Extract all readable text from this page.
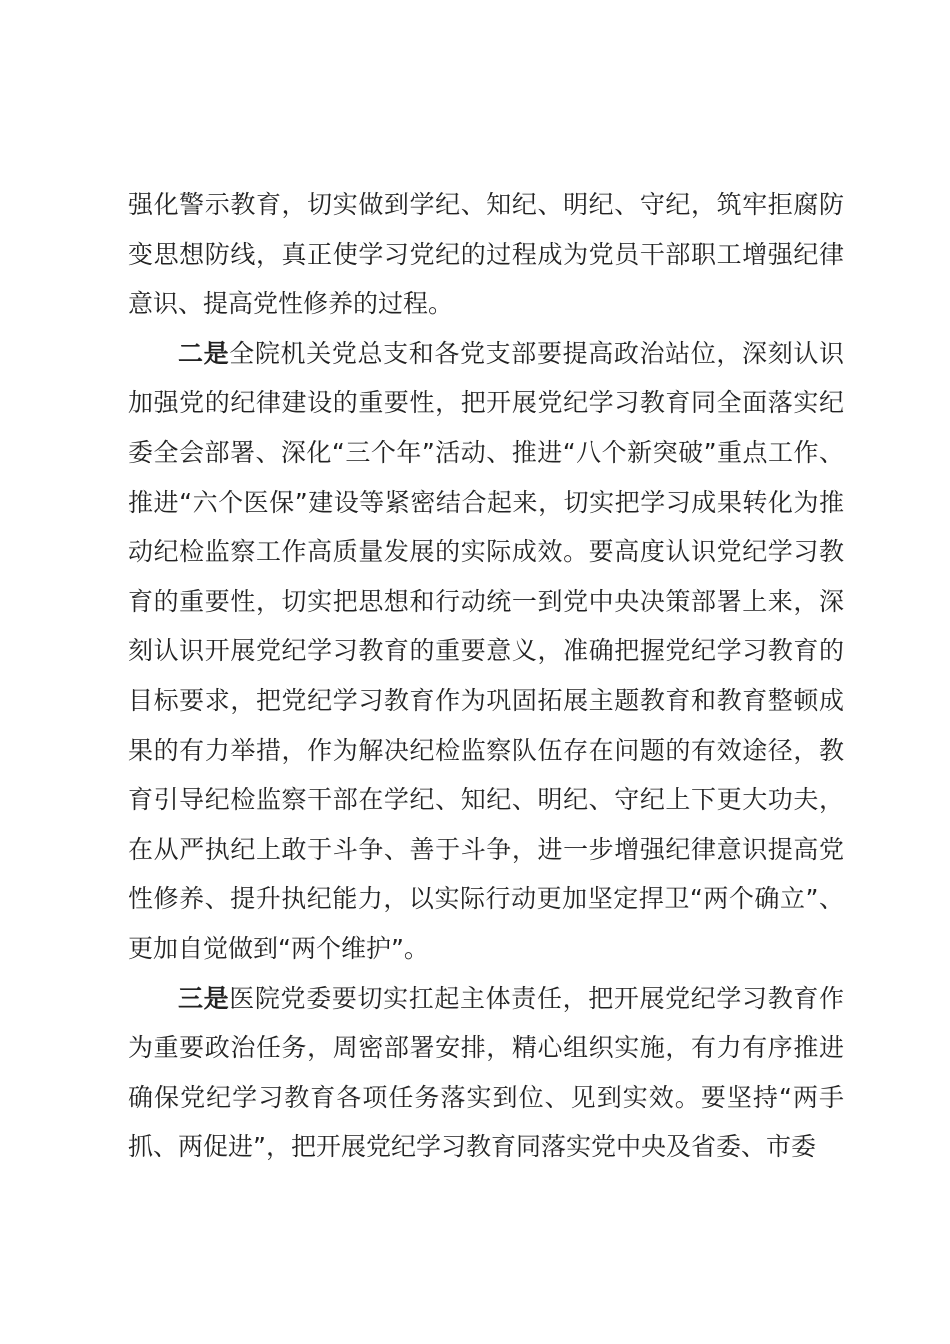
强化警示教育，切实做到学纪、知纪、明纪、守纪，筑牢拒腐防变思想防线，真正使学习党纪的过程成为党员干部职工增强纪律意识、提高党性修养的过程。

二是全院机关党总支和各党支部要提高政治站位，深刻认识加强党的纪律建设的重要性，把开展党纪学习教育同全面落实纪委全会部署、深化“三个年”活动、推进“八个新突破”重点工作、推进“六个医保”建设等紧密结合起来，切实把学习成果转化为推动纪检监察工作高质量发展的实际成效。要高度认识党纪学习教育的重要性，切实把思想和行动统一到党中央决策部署上来，深刻认识开展党纪学习教育的重要意义，准确把握党纪学习教育的目标要求，把党纪学习教育作为巩固拓展主题教育和教育整顿成果的有力举措，作为解决纪检监察队伍存在问题的有效途径，教育引导纪检监察干部在学纪、知纪、明纪、守纪上下更大功夫，在从严执纪上敢于斗争、善于斗争，进一步增强纪律意识提高党性修养、提升执纪能力，以实际行动更加坚定捍卫“两个确立”、更加自觉做到“两个维护”。

三是医院党委要切实扛起主体责任，把开展党纪学习教育作为重要政治任务，周密部署安排，精心组织实施，有力有序推进确保党纪学习教育各项任务落实到位、见到实效。要坚持“两手抓、两促进”，把开展党纪学习教育同落实党中央及省委、市委
